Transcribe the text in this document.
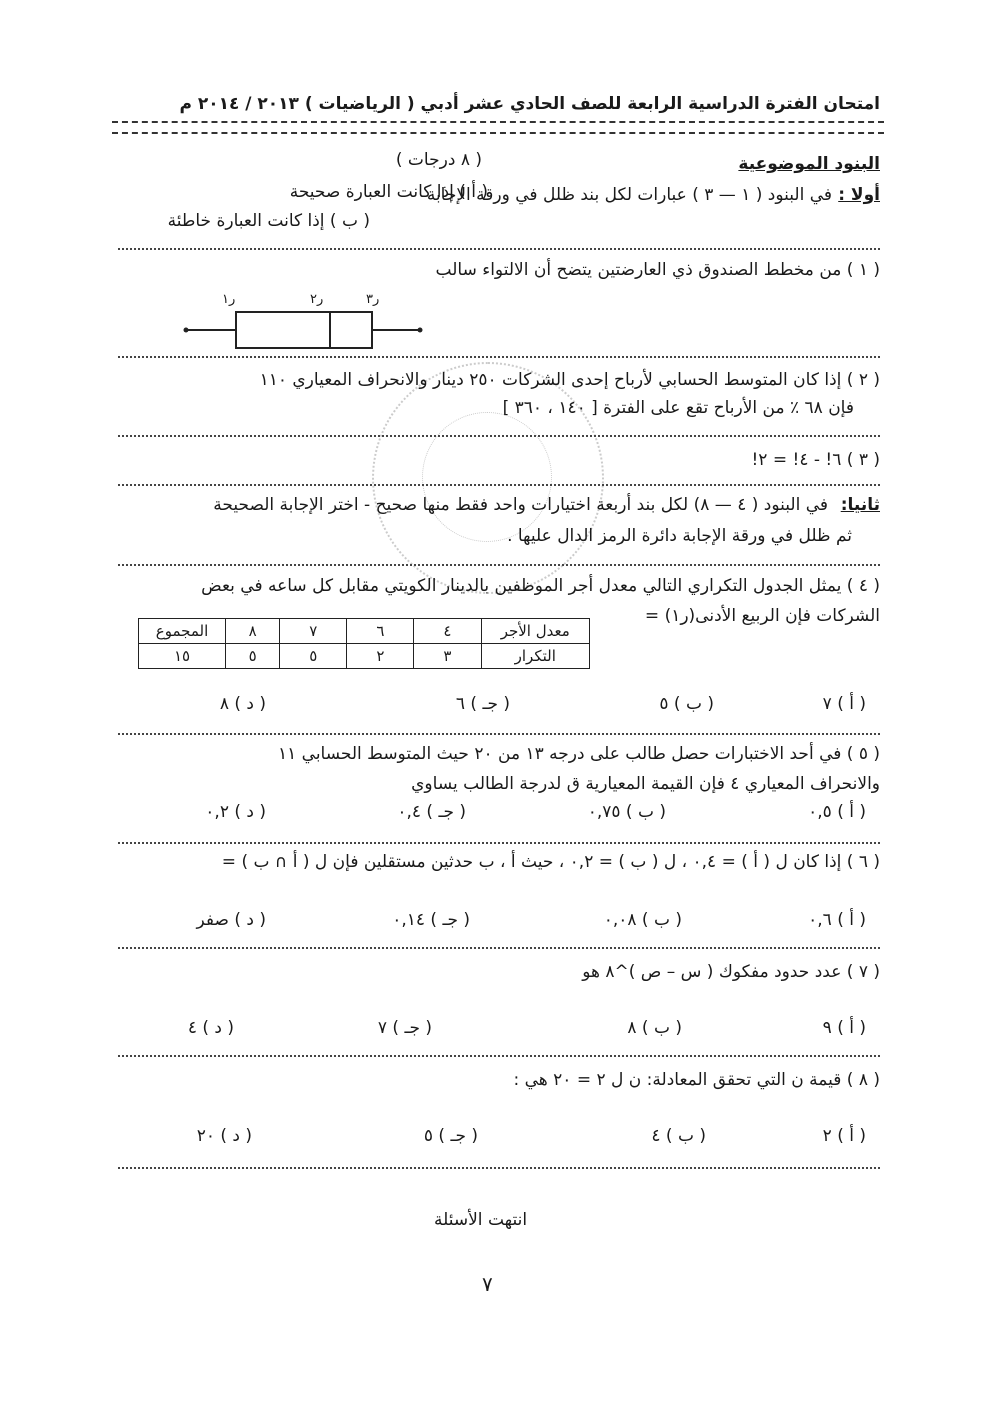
امتحان الفترة الدراسية الرابعة للصف الحادي عشر أدبي ( الرياضيات ) ٢٠١٣ / ٢٠١٤ م
البنود الموضوعية
( ٨ درجات )
أولا :
في البنود ( ١ — ٣ ) عبارات لكل بند ظلل في ورقة الإجابة
( أ ) إذا كانت العبارة صحيحة
( ب ) إذا كانت العبارة خاطئة
( ١ ) من مخطط الصندوق ذي العارضتين يتضح أن الالتواء سالب
ر١	ر٢	ر٣
( ٢ ) إذا كان المتوسط الحسابي لأرباح إحدى الشركات ٢٥٠ دينار والانحراف المعياري ١١٠
فإن ٦٨ ٪ من الأرباح تقع على الفترة [ ١٤٠ ، ٣٦٠ ]
( ٣ ) ٦! - ٤! = ٢!
ثانيا:
في البنود ( ٤ — ٨) لكل بند أربعة اختيارات واحد فقط منها صحيح - اختر الإجابة الصحيحة
ثم ظلل في ورقة الإجابة دائرة الرمز الدال عليها .
( ٤ ) يمثل الجدول التكراري التالي معدل أجر الموظفين بالدينار الكويتي مقابل كل ساعه في بعض
الشركات فإن الربيع الأدنى(ر١) =
معدل الأجر	٤	٦	٧	٨	المجموع
التكرار	٣	٢	٥	٥	١٥
( أ ) ٧
( ب ) ٥
( جـ ) ٦
( د ) ٨
( ٥ ) في أحد الاختبارات حصل طالب على درجه ١٣ من ٢٠ حيث المتوسط الحسابي ١١
والانحراف المعياري ٤ فإن القيمة المعيارية ق لدرجة الطالب يساوي
( أ ) ٠,٥
( ب ) ٠,٧٥
( جـ ) ٠,٤
( د ) ٠,٢
( ٦ ) إذا كان ل ( أ ) = ٠,٤ ، ل ( ب ) = ٠,٢ ، حيث أ ، ب حدثين مستقلين فإن ل ( أ ∩ ب ) =
( أ ) ٠,٦
( ب ) ٠,٠٨
( جـ ) ٠,١٤
( د ) صفر
( ٧ ) عدد حدود مفكوك ( س – ص )^٨ هو
( أ ) ٩
( ب ) ٨
( جـ ) ٧
( د ) ٤
( ٨ ) قيمة ن التي تحقق المعادلة: ن ل ٢ = ٢٠ هي :
( أ ) ٢
( ب ) ٤
( جـ ) ٥
( د ) ٢٠
انتهت الأسئلة
٧
